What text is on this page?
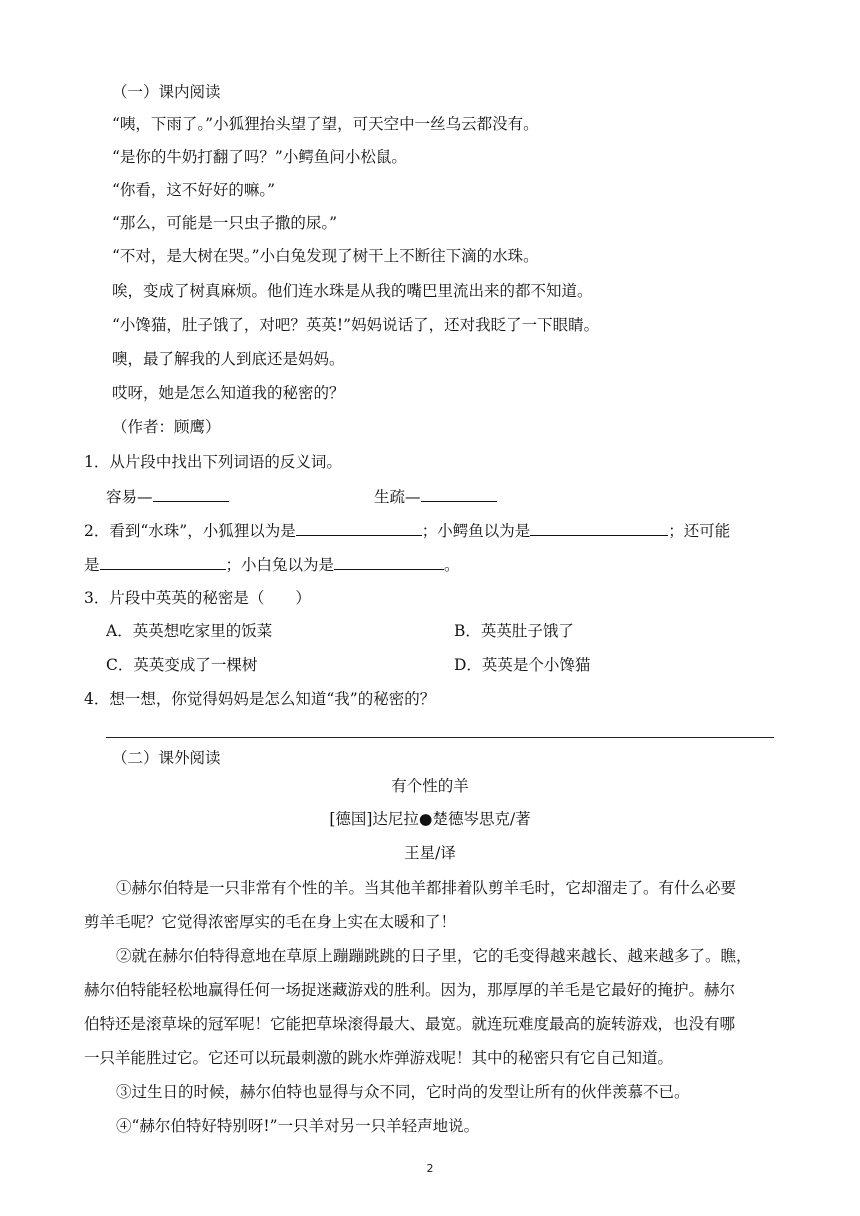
（一）课内阅读
“咦，下雨了。”小狐狸抬头望了望，可天空中一丝乌云都没有。
“是你的牛奶打翻了吗？”小鳄鱼问小松鼠。
“你看，这不好好的嘛。”
“那么，可能是一只虫子撒的尿。”
“不对，是大树在哭。”小白兔发现了树干上不断往下滴的水珠。
唉，变成了树真麻烦。他们连水珠是从我的嘴巴里流出来的都不知道。
“小馋猫，肚子饿了，对吧？英英!”妈妈说话了，还对我眨了一下眼睛。
噢，最了解我的人到底还是妈妈。
哎呀，她是怎么知道我的秘密的？
（作者：顾鹰）
1．从片段中找出下列词语的反义词。
容易—	生疏—
2．看到“水珠”，小狐狸以为是	；小鳄鱼以为是	；还可能
是	；小白兔以为是	。
3．片段中英英的秘密是（　　）
A．英英想吃家里的饭菜	B．英英肚子饿了
C．英英变成了一棵树	D．英英是个小馋猫
4．想一想，你觉得妈妈是怎么知道“我”的秘密的？
（二）课外阅读
有个性的羊
[德国]达尼拉●楚德岑思克/著
王星/译
①赫尔伯特是一只非常有个性的羊。当其他羊都排着队剪羊毛时，它却溜走了。有什么必要
剪羊毛呢？它觉得浓密厚实的毛在身上实在太暖和了！
②就在赫尔伯特得意地在草原上蹦蹦跳跳的日子里，它的毛变得越来越长、越来越多了。瞧，
赫尔伯特能轻松地赢得任何一场捉迷藏游戏的胜利。因为，那厚厚的羊毛是它最好的掩护。赫尔
伯特还是滚草垛的冠军呢！它能把草垛滚得最大、最宽。就连玩难度最高的旋转游戏，也没有哪
一只羊能胜过它。它还可以玩最刺激的跳水炸弹游戏呢！其中的秘密只有它自己知道。
③过生日的时候，赫尔伯特也显得与众不同，它时尚的发型让所有的伙伴羡慕不已。
④“赫尔伯特好特别呀!”一只羊对另一只羊轻声地说。
2
